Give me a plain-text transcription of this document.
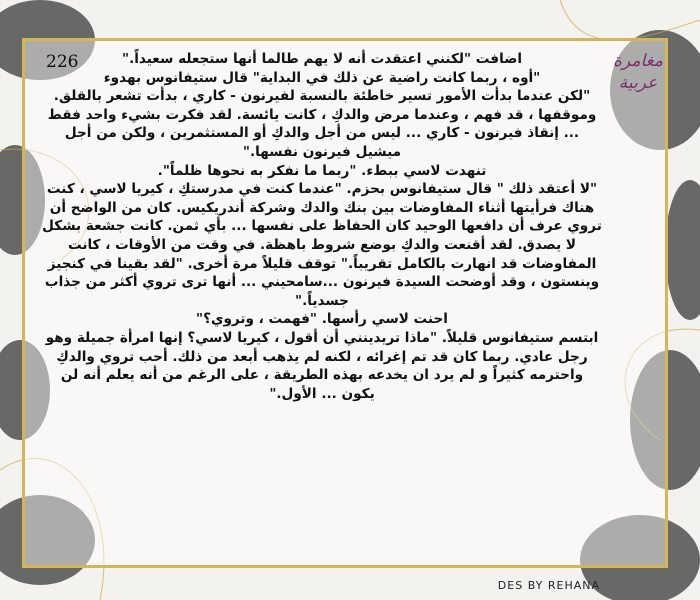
226	مغامرة
عربية

اضافت "لكنني اعتقدت أنه لا يهم طالما أنها ستجعله سعيداً."

"أوه ، ربما كانت راضية عن ذلك في البداية" قال ستيفانوس بهدوء

"لكن عندما بدأت الأمور تسير خاطئة بالنسبة لفيرنون - كاري ، بدأت تشعر بالقلق.

وموقفها ، قد فهم ، وعندما مرض والدكِ ، كانت يائسة. لقد فكرت بشيء واحد فقط ... إنقاذ فيرنون - كاري ... ليس من أجل والدكِ أو المستثمرين ، ولكن من أجل ميشيل فيرنون نفسها."

تنهدت لاسي ببطء. "ربما ما نفكر به نحوها ظلماً".

"لا أعتقد ذلك " قال ستيفانوس بحزم. "عندما كنت في مدرستكِ ، كيريا لاسي ، كنت هناك فرأيتها أثناء المفاوضات بين بنك والدك وشركة أندريكيس. كان من الواضح أن تروي عرف أن دافعها الوحيد كان الحفاظ على نفسها ... بأي ثمن. كانت جشعة بشكل لا يصدق. لقد أقنعت والدكِ بوضع شروط باهظة. في وقت من الأوقات ، كانت المفاوضات قد انهارت بالكامل تقريباً." توقف قليلاً مرة أخرى. "لقد بقينا في كنجيز وينستون ، وقد أوضحت السيدة فيرنون ...سامحيني ... أنها ترى تروي أكثر من جذاب جسدياً."

احنت لاسي رأسها. "فهمت ، وتروي؟"

ابتسم ستيفانوس قليلاً. "ماذا تريدينني أن أقول ، كيريا لاسي؟ إنها امرأة جميلة وهو رجل عادي. ربما كان قد تم إغرائه ، لكنه لم يذهب أبعد من ذلك. أحب تروي والدكِ واحترمه كثيراً و لم يرد ان يخدعه بهذه الطريقة ، على الرغم من أنه يعلم أنه لن يكون ... الأول."

DES BY REHANA
